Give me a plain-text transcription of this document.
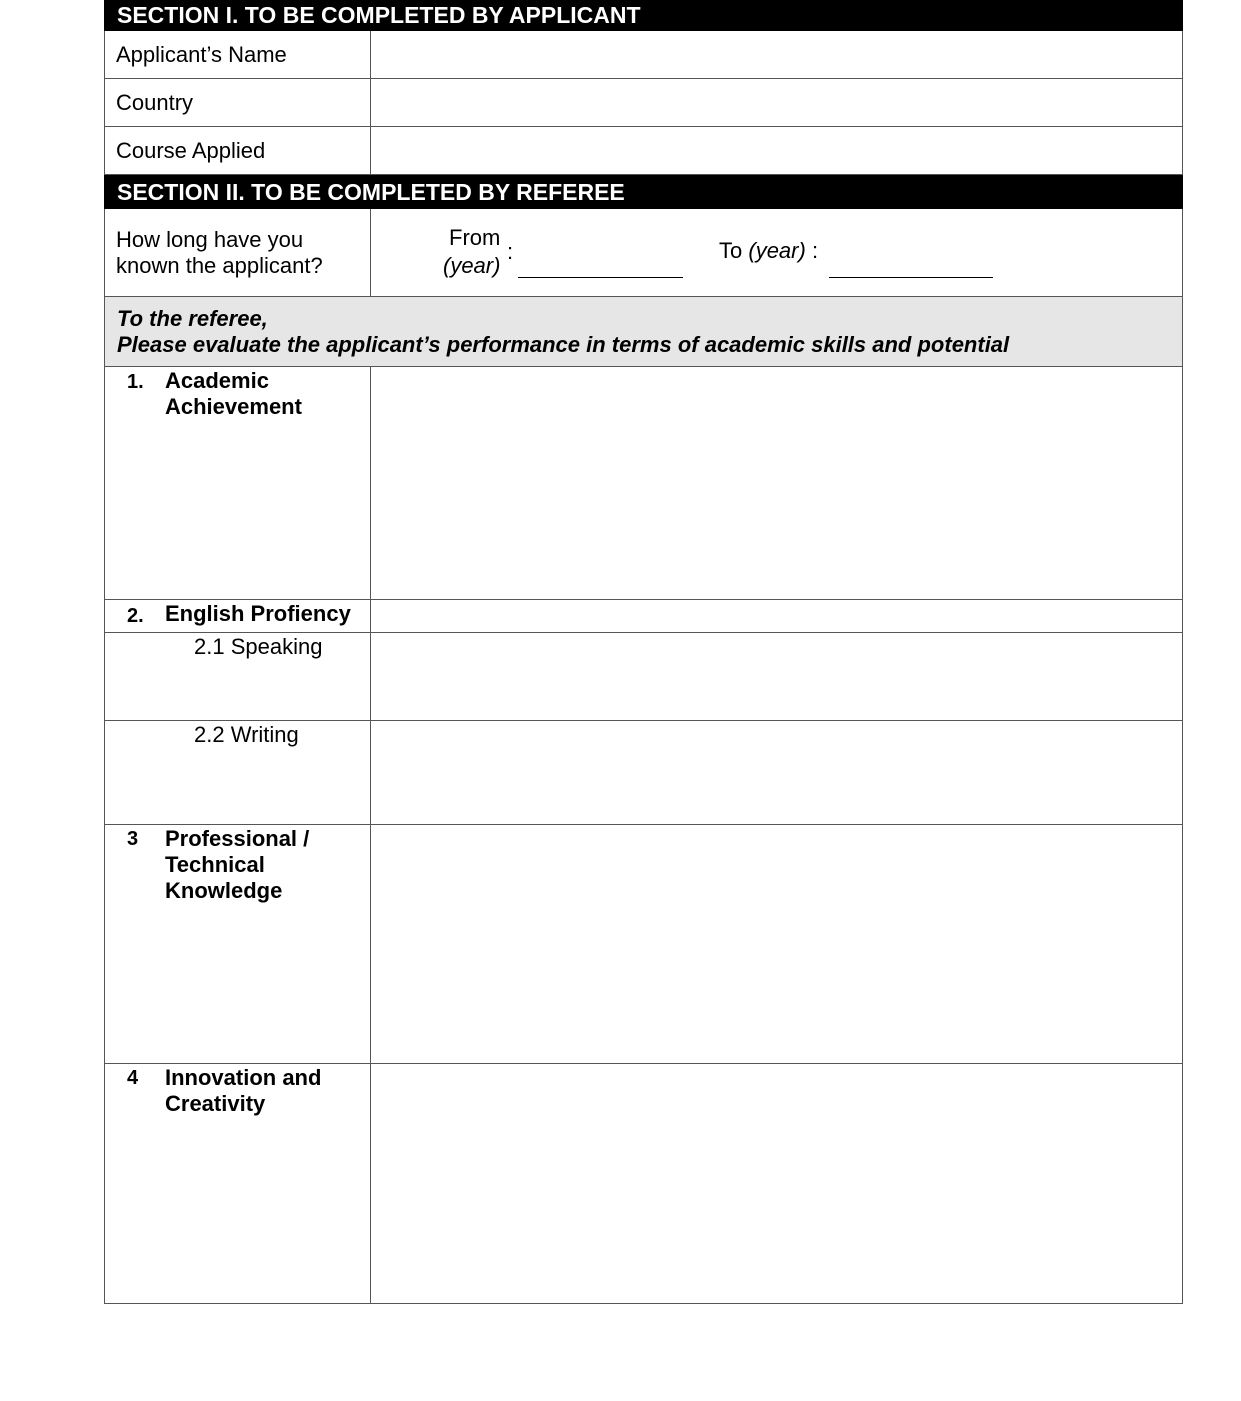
SECTION I. TO BE COMPLETED BY APPLICANT
Applicant’s Name
Country
Course Applied
SECTION II. TO BE COMPLETED BY REFEREE
How long have you
known the applicant?
From
(year)
:	To (year) :
To the referee,
Please evaluate the applicant’s performance in terms of academic skills and potential
1. Academic
Achievement
2. English Profiency
2.1 Speaking
2.2 Writing
3 Professional /
Technical
Knowledge
4 Innovation and
Creativity
